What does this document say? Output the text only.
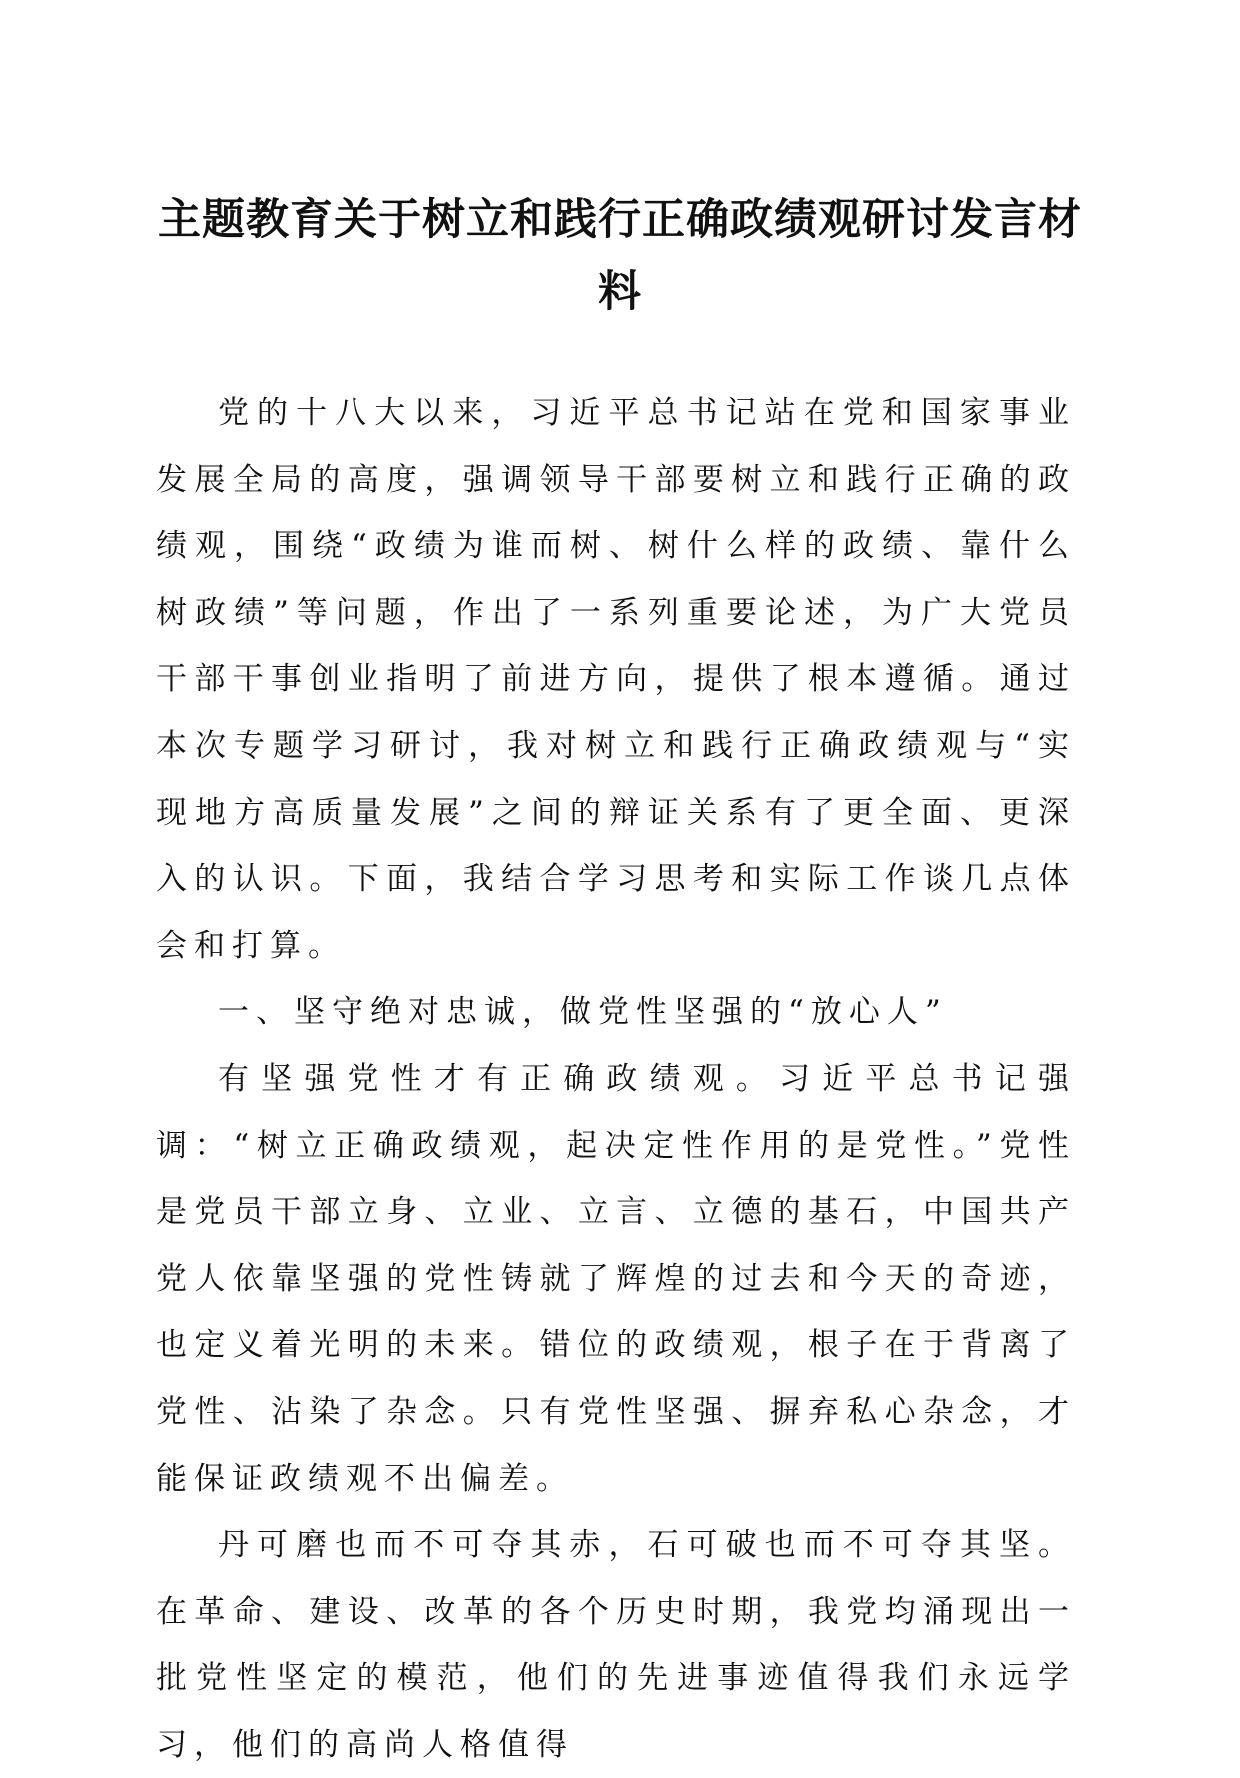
主题教育关于树立和践行正确政绩观研讨发言材料

党的十八大以来，习近平总书记站在党和国家事业发展全局的高度，强调领导干部要树立和践行正确的政绩观，围绕“政绩为谁而树、树什么样的政绩、靠什么树政绩”等问题，作出了一系列重要论述，为广大党员干部干事创业指明了前进方向，提供了根本遵循。通过本次专题学习研讨，我对树立和践行正确政绩观与“实现地方高质量发展”之间的辩证关系有了更全面、更深入的认识。下面，我结合学习思考和实际工作谈几点体会和打算。

一、坚守绝对忠诚，做党性坚强的“放心人”

有坚强党性才有正确政绩观。习近平总书记强调：“树立正确政绩观，起决定性作用的是党性。”党性是党员干部立身、立业、立言、立德的基石，中国共产党人依靠坚强的党性铸就了辉煌的过去和今天的奇迹，也定义着光明的未来。错位的政绩观，根子在于背离了党性、沾染了杂念。只有党性坚强、摒弃私心杂念，才能保证政绩观不出偏差。

丹可磨也而不可夺其赤，石可破也而不可夺其坚。在革命、建设、改革的各个历史时期，我党均涌现出一批党性坚定的模范，他们的先进事迹值得我们永远学习，他们的高尚人格值得
